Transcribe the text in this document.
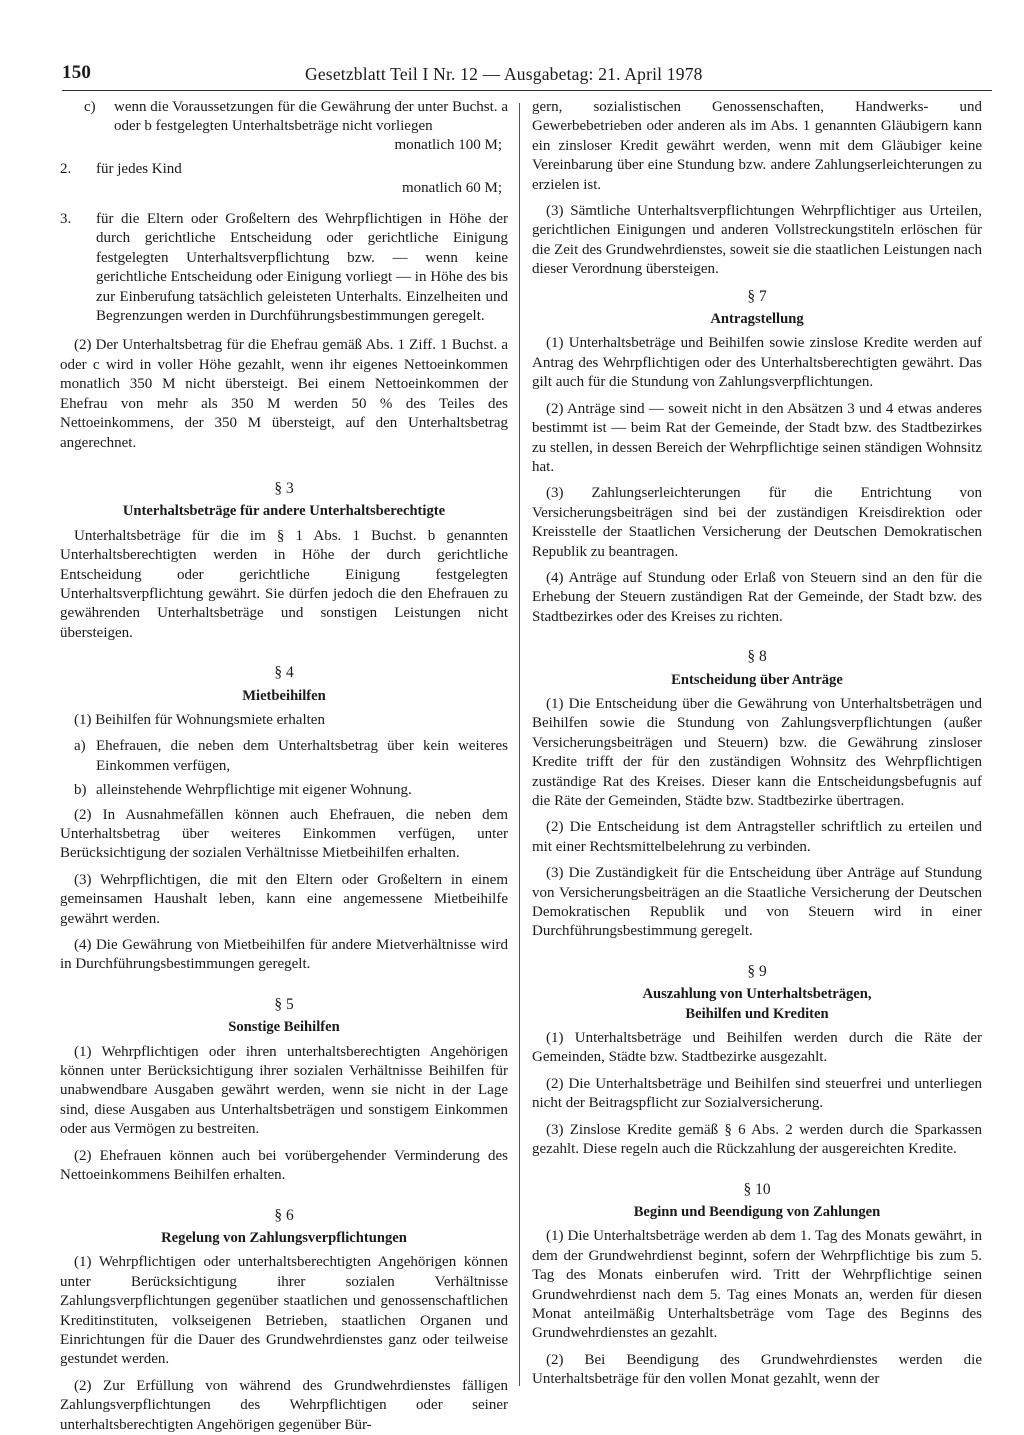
150	Gesetzblatt Teil I Nr. 12 — Ausgabetag: 21. April 1978
c) wenn die Voraussetzungen für die Gewährung der unter Buchst. a oder b festgelegten Unterhaltsbeträge nicht vorliegen
monatlich 100 M;
2. für jedes Kind
monatlich 60 M;
3. für die Eltern oder Großeltern des Wehrpflichtigen in Höhe der durch gerichtliche Entscheidung oder gerichtliche Einigung festgelegten Unterhaltsverpflichtung bzw. — wenn keine gerichtliche Entscheidung oder Einigung vorliegt — in Höhe des bis zur Einberufung tatsächlich geleisteten Unterhalts. Einzelheiten und Begrenzungen werden in Durchführungsbestimmungen geregelt.

(2) Der Unterhaltsbetrag für die Ehefrau gemäß Abs. 1 Ziff. 1 Buchst. a oder c wird in voller Höhe gezahlt, wenn ihr eigenes Nettoeinkommen monatlich 350 M nicht übersteigt. Bei einem Nettoeinkommen der Ehefrau von mehr als 350 M werden 50 % des Teiles des Nettoeinkommens, der 350 M übersteigt, auf den Unterhaltsbetrag angerechnet.

§ 3
Unterhaltsbeträge für andere Unterhaltsberechtigte

Unterhaltsbeträge für die im § 1 Abs. 1 Buchst. b genannten Unterhaltsberechtigten werden in Höhe der durch gerichtliche Entscheidung oder gerichtliche Einigung festgelegten Unterhaltsverpflichtung gewährt. Sie dürfen jedoch die den Ehefrauen zu gewährenden Unterhaltsbeträge und sonstigen Leistungen nicht übersteigen.

§ 4
Mietbeihilfen

(1) Beihilfen für Wohnungsmiete erhalten

a) Ehefrauen, die neben dem Unterhaltsbetrag über kein weiteres Einkommen verfügen,
b) alleinstehende Wehrpflichtige mit eigener Wohnung.

(2) In Ausnahmefällen können auch Ehefrauen, die neben dem Unterhaltsbetrag über weiteres Einkommen verfügen, unter Berücksichtigung der sozialen Verhältnisse Mietbeihilfen erhalten.

(3) Wehrpflichtigen, die mit den Eltern oder Großeltern in einem gemeinsamen Haushalt leben, kann eine angemessene Mietbeihilfe gewährt werden.

(4) Die Gewährung von Mietbeihilfen für andere Mietverhältnisse wird in Durchführungsbestimmungen geregelt.

§ 5
Sonstige Beihilfen

(1) Wehrpflichtigen oder ihren unterhaltsberechtigten Angehörigen können unter Berücksichtigung ihrer sozialen Verhältnisse Beihilfen für unabwendbare Ausgaben gewährt werden, wenn sie nicht in der Lage sind, diese Ausgaben aus Unterhaltsbeträgen und sonstigem Einkommen oder aus Vermögen zu bestreiten.

(2) Ehefrauen können auch bei vorübergehender Verminderung des Nettoeinkommens Beihilfen erhalten.

§ 6
Regelung von Zahlungsverpflichtungen

(1) Wehrpflichtigen oder unterhaltsberechtigten Angehörigen können unter Berücksichtigung ihrer sozialen Verhältnisse Zahlungsverpflichtungen gegenüber staatlichen und genossenschaftlichen Kreditinstituten, volkseigenen Betrieben, staatlichen Organen und Einrichtungen für die Dauer des Grundwehrdienstes ganz oder teilweise gestundet werden.

(2) Zur Erfüllung von während des Grundwehrdienstes fälligen Zahlungsverpflichtungen des Wehrpflichtigen oder seiner unterhaltsberechtigten Angehörigen gegenüber Bür-

gern, sozialistischen Genossenschaften, Handwerks- und Gewerbebetrieben oder anderen als im Abs. 1 genannten Gläubigern kann ein zinsloser Kredit gewährt werden, wenn mit dem Gläubiger keine Vereinbarung über eine Stundung bzw. andere Zahlungserleichterungen zu erzielen ist.

(3) Sämtliche Unterhaltsverpflichtungen Wehrpflichtiger aus Urteilen, gerichtlichen Einigungen und anderen Vollstreckungstiteln erlöschen für die Zeit des Grundwehrdienstes, soweit sie die staatlichen Leistungen nach dieser Verordnung übersteigen.

§ 7
Antragstellung

(1) Unterhaltsbeträge und Beihilfen sowie zinslose Kredite werden auf Antrag des Wehrpflichtigen oder des Unterhaltsberechtigten gewährt. Das gilt auch für die Stundung von Zahlungsverpflichtungen.

(2) Anträge sind — soweit nicht in den Absätzen 3 und 4 etwas anderes bestimmt ist — beim Rat der Gemeinde, der Stadt bzw. des Stadtbezirkes zu stellen, in dessen Bereich der Wehrpflichtige seinen ständigen Wohnsitz hat.

(3) Zahlungserleichterungen für die Entrichtung von Versicherungsbeiträgen sind bei der zuständigen Kreisdirektion oder Kreisstelle der Staatlichen Versicherung der Deutschen Demokratischen Republik zu beantragen.

(4) Anträge auf Stundung oder Erlaß von Steuern sind an den für die Erhebung der Steuern zuständigen Rat der Gemeinde, der Stadt bzw. des Stadtbezirkes oder des Kreises zu richten.

§ 8
Entscheidung über Anträge

(1) Die Entscheidung über die Gewährung von Unterhaltsbeträgen und Beihilfen sowie die Stundung von Zahlungsverpflichtungen (außer Versicherungsbeiträgen und Steuern) bzw. die Gewährung zinsloser Kredite trifft der für den zuständigen Wohnsitz des Wehrpflichtigen zuständige Rat des Kreises. Dieser kann die Entscheidungsbefugnis auf die Räte der Gemeinden, Städte bzw. Stadtbezirke übertragen.

(2) Die Entscheidung ist dem Antragsteller schriftlich zu erteilen und mit einer Rechtsmittelbelehrung zu verbinden.

(3) Die Zuständigkeit für die Entscheidung über Anträge auf Stundung von Versicherungsbeiträgen an die Staatliche Versicherung der Deutschen Demokratischen Republik und von Steuern wird in einer Durchführungsbestimmung geregelt.

§ 9
Auszahlung von Unterhaltsbeträgen,
Beihilfen und Krediten

(1) Unterhaltsbeträge und Beihilfen werden durch die Räte der Gemeinden, Städte bzw. Stadtbezirke ausgezahlt.

(2) Die Unterhaltsbeträge und Beihilfen sind steuerfrei und unterliegen nicht der Beitragspflicht zur Sozialversicherung.

(3) Zinslose Kredite gemäß § 6 Abs. 2 werden durch die Sparkassen gezahlt. Diese regeln auch die Rückzahlung der ausgereichten Kredite.

§ 10
Beginn und Beendigung von Zahlungen

(1) Die Unterhaltsbeträge werden ab dem 1. Tag des Monats gewährt, in dem der Grundwehrdienst beginnt, sofern der Wehrpflichtige bis zum 5. Tag des Monats einberufen wird. Tritt der Wehrpflichtige seinen Grundwehrdienst nach dem 5. Tag eines Monats an, werden für diesen Monat anteilmäßig Unterhaltsbeträge vom Tage des Beginns des Grundwehrdienstes an gezahlt.

(2) Bei Beendigung des Grundwehrdienstes werden die Unterhaltsbeträge für den vollen Monat gezahlt, wenn der
